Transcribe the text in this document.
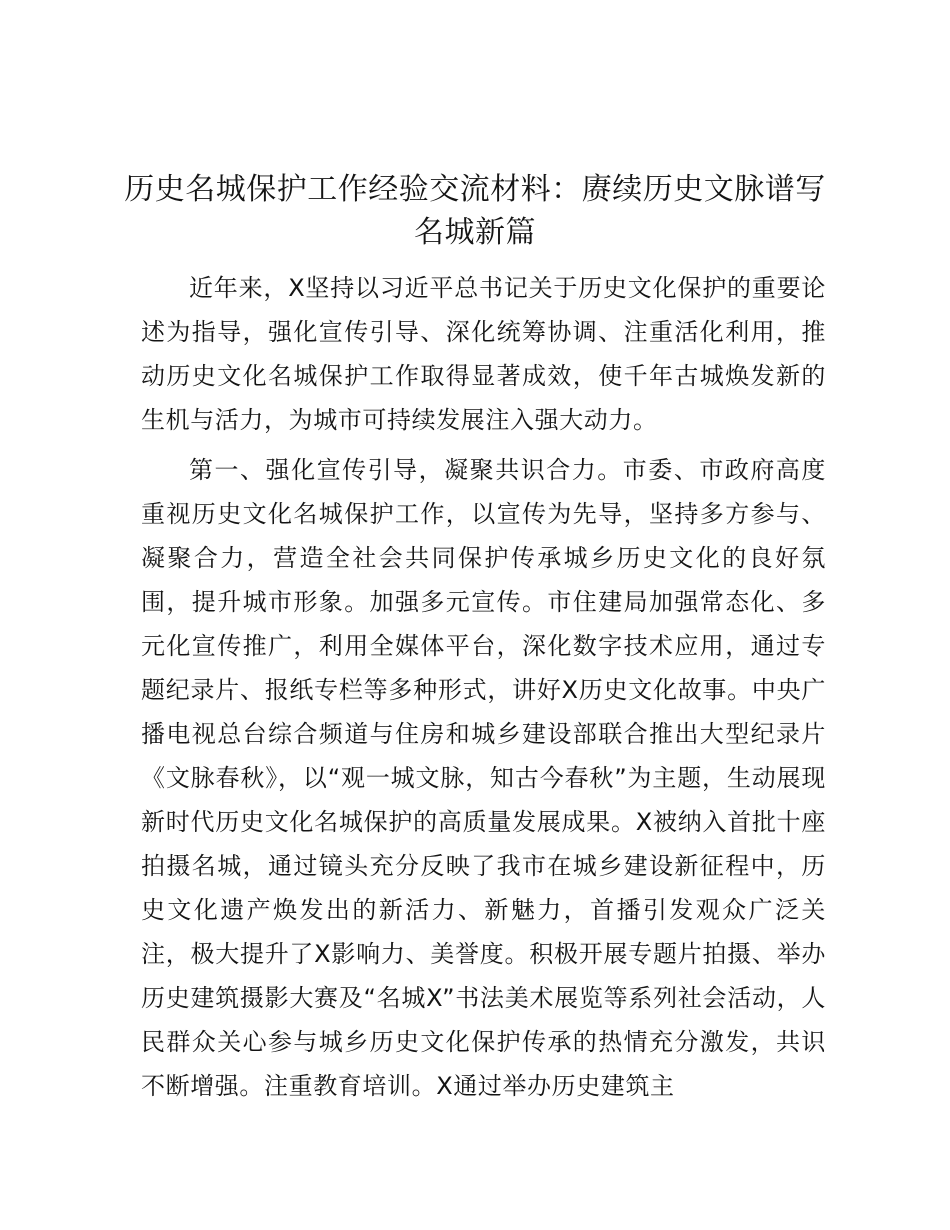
历史名城保护工作经验交流材料：赓续历史文脉谱写名城新篇

近年来，X坚持以习近平总书记关于历史文化保护的重要论述为指导，强化宣传引导、深化统筹协调、注重活化利用，推动历史文化名城保护工作取得显著成效，使千年古城焕发新的生机与活力，为城市可持续发展注入强大动力。

第一、强化宣传引导，凝聚共识合力。市委、市政府高度重视历史文化名城保护工作，以宣传为先导，坚持多方参与、凝聚合力，营造全社会共同保护传承城乡历史文化的良好氛围，提升城市形象。加强多元宣传。市住建局加强常态化、多元化宣传推广，利用全媒体平台，深化数字技术应用，通过专题纪录片、报纸专栏等多种形式，讲好X历史文化故事。中央广播电视总台综合频道与住房和城乡建设部联合推出大型纪录片《文脉春秋》，以“观一城文脉，知古今春秋”为主题，生动展现新时代历史文化名城保护的高质量发展成果。X被纳入首批十座拍摄名城，通过镜头充分反映了我市在城乡建设新征程中，历史文化遗产焕发出的新活力、新魅力，首播引发观众广泛关注，极大提升了X影响力、美誉度。积极开展专题片拍摄、举办历史建筑摄影大赛及“名城X”书法美术展览等系列社会活动，人民群众关心参与城乡历史文化保护传承的热情充分激发，共识不断增强。注重教育培训。X通过举办历史建筑主
